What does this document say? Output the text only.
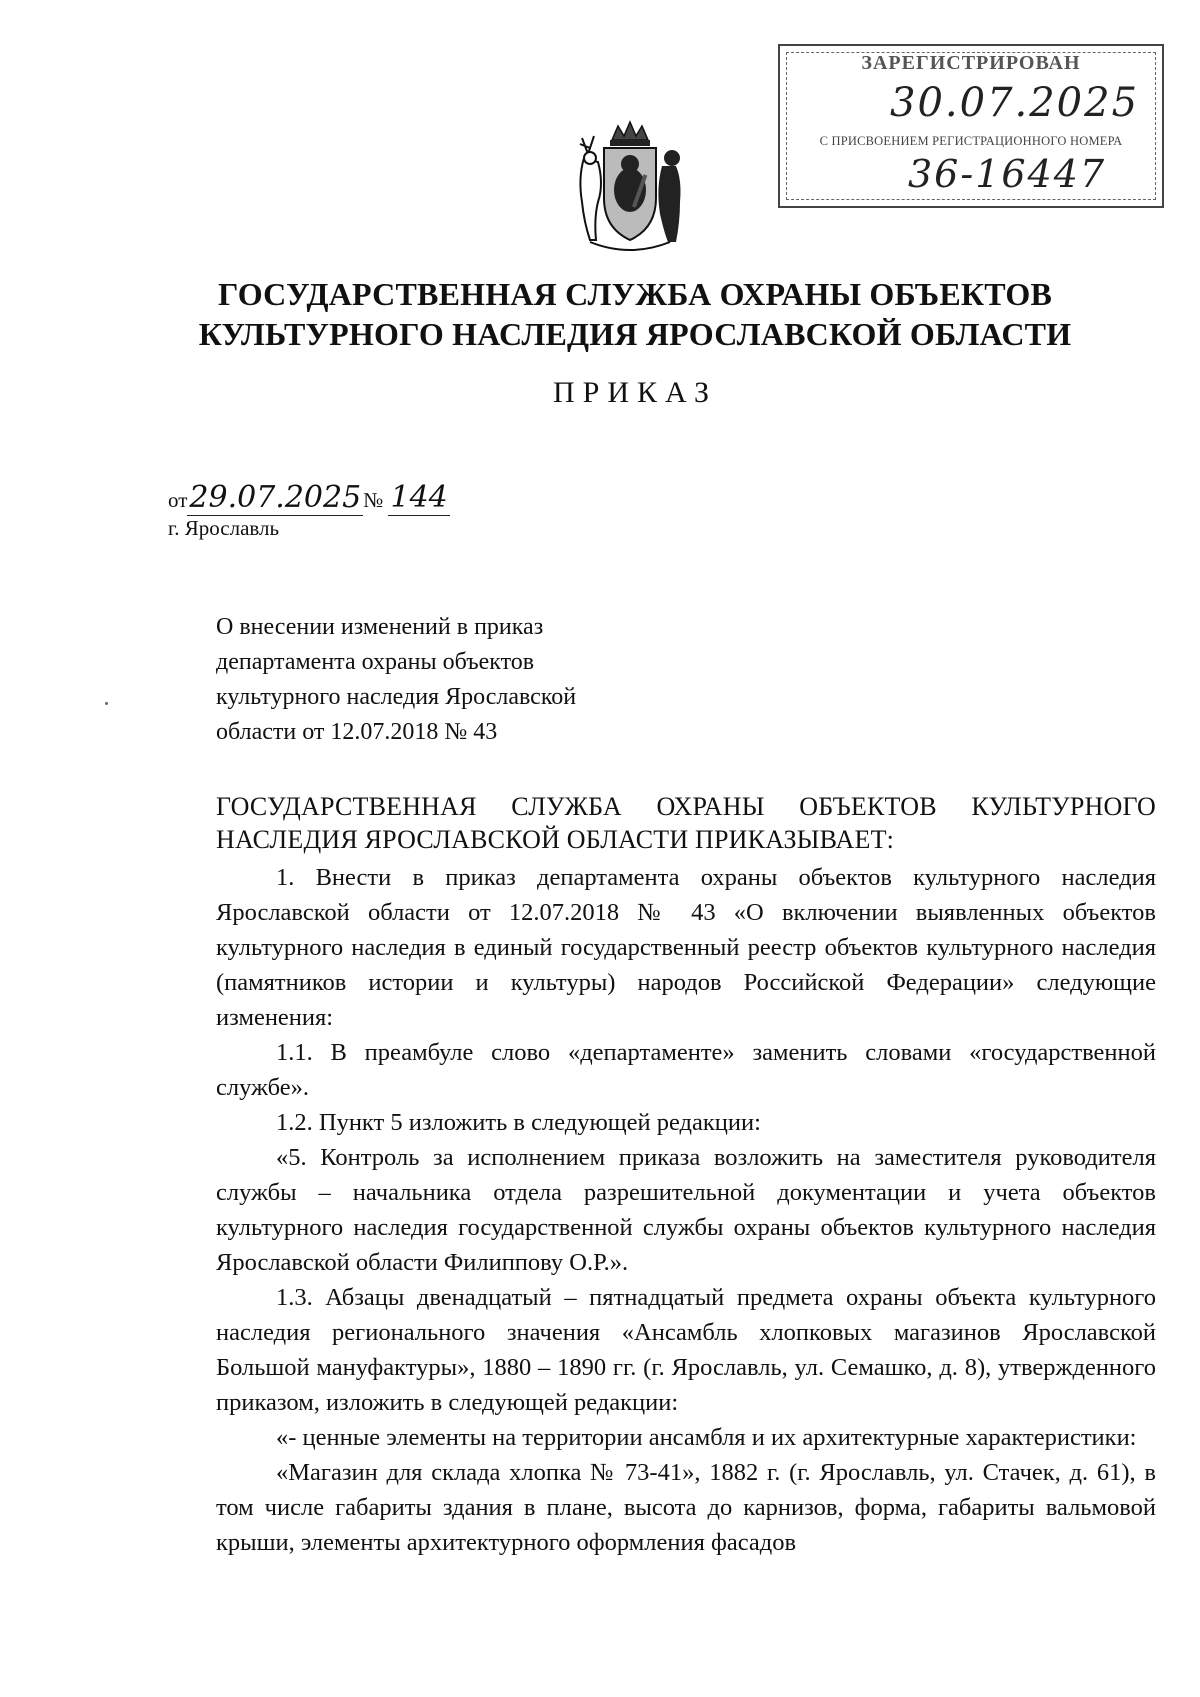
ЗАРЕГИСТРИРОВАН
30.07.2025
С ПРИСВОЕНИЕМ РЕГИСТРАЦИОННОГО НОМЕРА
36-16447
ГОСУДАРСТВЕННАЯ СЛУЖБА ОХРАНЫ ОБЪЕКТОВ
КУЛЬТУРНОГО НАСЛЕДИЯ ЯРОСЛАВСКОЙ ОБЛАСТИ
ПРИКАЗ
от29.07.2025№ 144
г. Ярославль
О внесении изменений в приказ
департамента охраны объектов
культурного наследия Ярославской
области от 12.07.2018 № 43
ГОСУДАРСТВЕННАЯ СЛУЖБА ОХРАНЫ ОБЪЕКТОВ КУЛЬТУРНОГО НАСЛЕДИЯ ЯРОСЛАВСКОЙ ОБЛАСТИ ПРИКАЗЫВАЕТ:

1. Внести в приказ департамента охраны объектов культурного наследия Ярославской области от 12.07.2018 № 43 «О включении выявленных объектов культурного наследия в единый государственный реестр объектов культурного наследия (памятников истории и культуры) народов Российской Федерации» следующие изменения:

1.1. В преамбуле слово «департаменте» заменить словами «государственной службе».

1.2. Пункт 5 изложить в следующей редакции:

«5. Контроль за исполнением приказа возложить на заместителя руководителя службы – начальника отдела разрешительной документации и учета объектов культурного наследия государственной службы охраны объектов культурного наследия Ярославской области Филиппову О.Р.».

1.3. Абзацы двенадцатый – пятнадцатый предмета охраны объекта культурного наследия регионального значения «Ансамбль хлопковых магазинов Ярославской Большой мануфактуры», 1880 – 1890 гг. (г. Ярославль, ул. Семашко, д. 8), утвержденного приказом, изложить в следующей редакции:

«- ценные элементы на территории ансамбля и их архитектурные характеристики:

«Магазин для склада хлопка № 73-41», 1882 г. (г. Ярославль, ул. Стачек, д. 61), в том числе габариты здания в плане, высота до карнизов, форма, габариты вальмовой крыши, элементы архитектурного оформления фасадов
